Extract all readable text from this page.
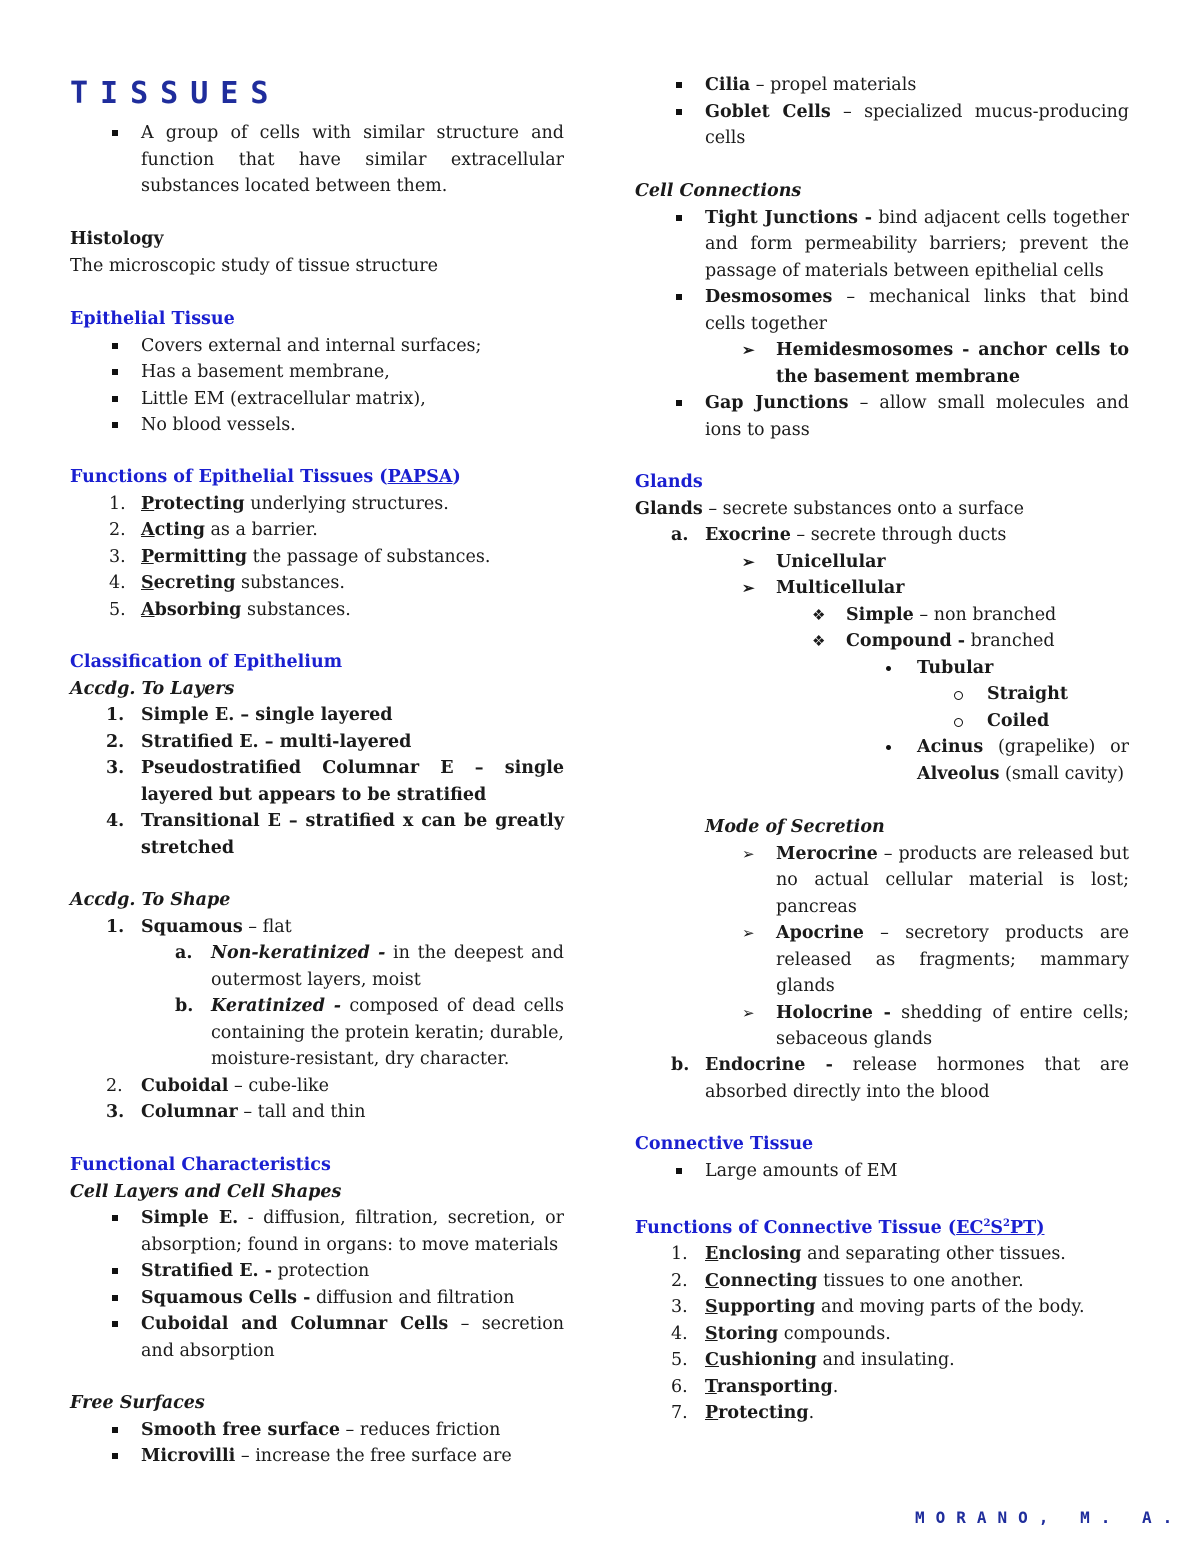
TISSUES
A group of cells with similar structure and function that have similar extracellular substances located between them.
Histology
The microscopic study of tissue structure
Epithelial Tissue
Covers external and internal surfaces;
Has a basement membrane,
Little EM (extracellular matrix),
No blood vessels.
Functions of Epithelial Tissues (PAPSA)
1. Protecting underlying structures.
2. Acting as a barrier.
3. Permitting the passage of substances.
4. Secreting substances.
5. Absorbing substances.
Classification of Epithelium
Accdg. To Layers
1. Simple E. – single layered
2. Stratified E. – multi-layered
3. Pseudostratified Columnar E – single layered but appears to be stratified
4. Transitional E – stratified x can be greatly stretched
Accdg. To Shape
1. Squamous – flat
a. Non-keratinized - in the deepest and outermost layers, moist
b. Keratinized - composed of dead cells containing the protein keratin; durable, moisture-resistant, dry character.
2. Cuboidal – cube-like
3. Columnar – tall and thin
Functional Characteristics
Cell Layers and Cell Shapes
Simple E. - diffusion, filtration, secretion, or absorption; found in organs: to move materials
Stratified E. - protection
Squamous Cells - diffusion and filtration
Cuboidal and Columnar Cells – secretion and absorption
Free Surfaces
Smooth free surface – reduces friction
Microvilli – increase the free surface are
Cilia – propel materials
Goblet Cells – specialized mucus-producing cells
Cell Connections
Tight Junctions - bind adjacent cells together and form permeability barriers; prevent the passage of materials between epithelial cells
Desmosomes – mechanical links that bind cells together
➢ Hemidesmosomes - anchor cells to the basement membrane
Gap Junctions – allow small molecules and ions to pass
Glands
Glands – secrete substances onto a surface
a. Exocrine – secrete through ducts
➢ Unicellular
➢ Multicellular
❖ Simple – non branched
❖ Compound - branched
Tubular
Straight
Coiled
Acinus (grapelike) or Alveolus (small cavity)
Mode of Secretion
➢ Merocrine – products are released but no actual cellular material is lost; pancreas
➢ Apocrine – secretory products are released as fragments; mammary glands
➢ Holocrine - shedding of entire cells; sebaceous glands
b. Endocrine - release hormones that are absorbed directly into the blood
Connective Tissue
Large amounts of EM
Functions of Connective Tissue $(EC^2S^2PT)$
1. Enclosing and separating other tissues.
2. Connecting tissues to one another.
3. Supporting and moving parts of the body.
4. Storing compounds.
5. Cushioning and insulating.
6. Transporting.
7. Protecting.
MORANO, M. A.
